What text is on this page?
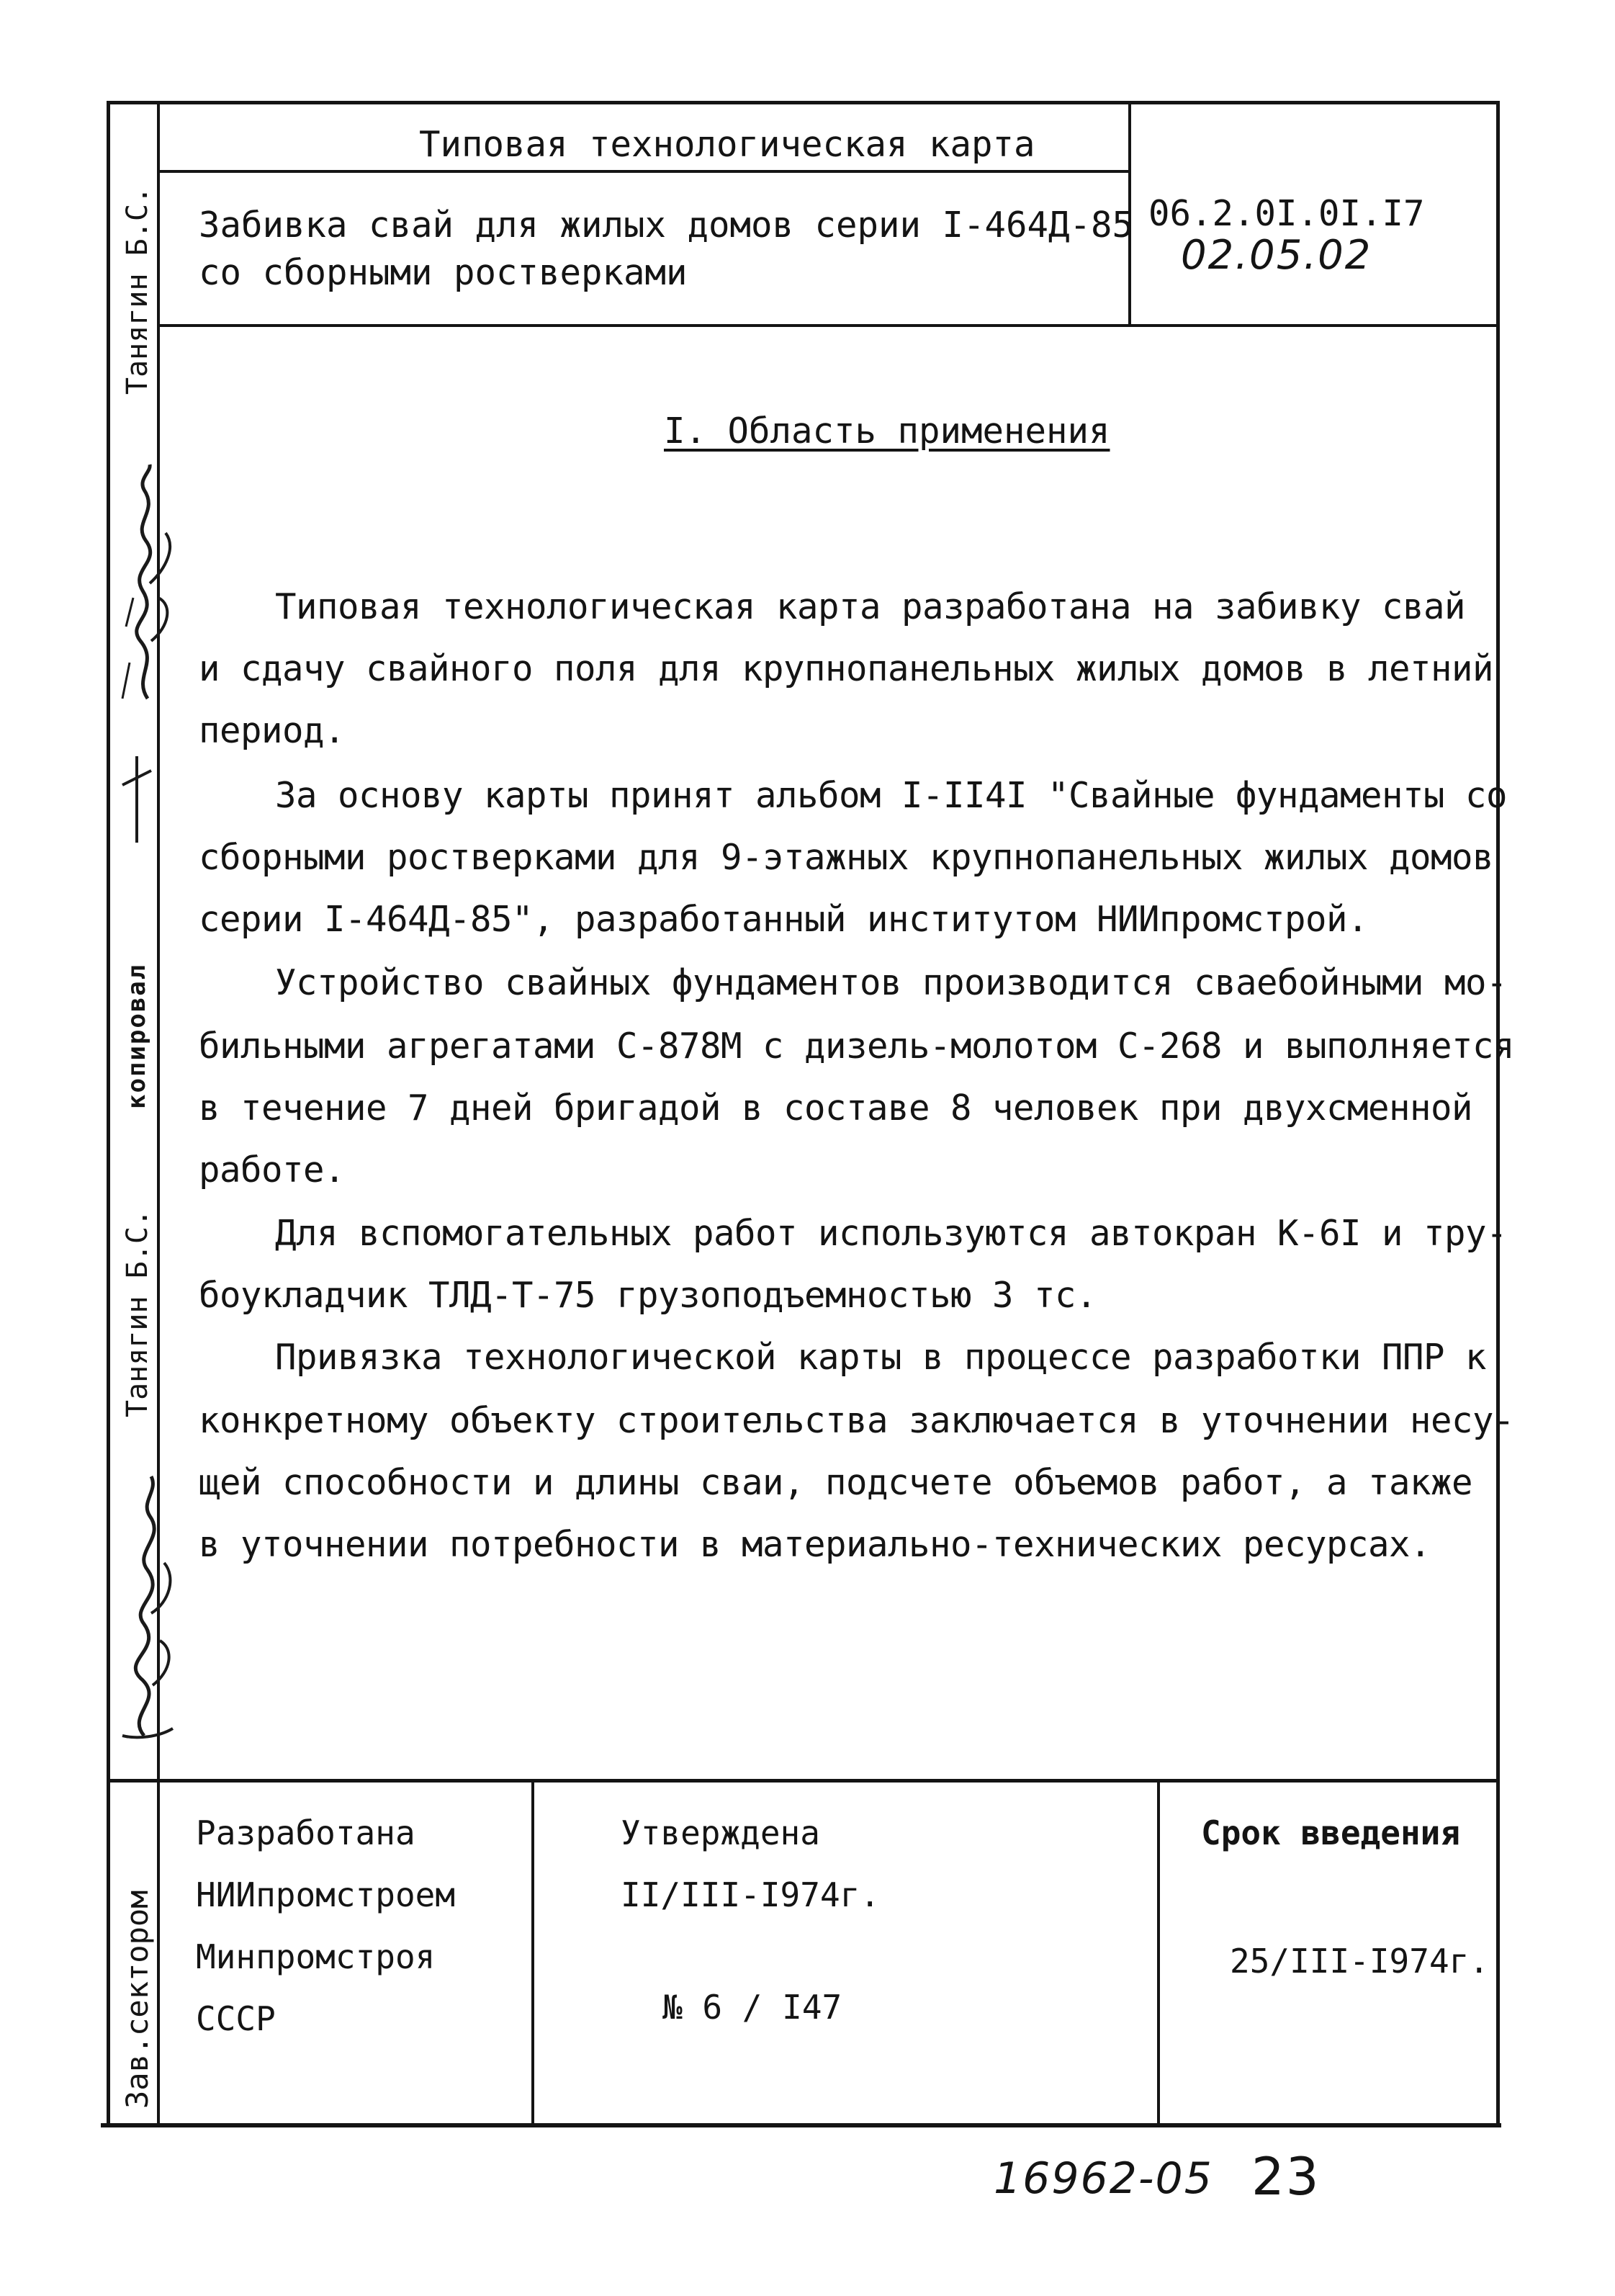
Типовая технологическая карта
Забивка свай для жилых домов серии I-464Д-85
со сборными ростверками
06.2.0I.0I.I7
02.05.02
I. Область применения
Типовая технологическая карта разработана на забивку свай
и сдачу свайного поля для крупнопанельных жилых домов в летний
период.
За основу карты принят альбом I-II4I "Свайные фундаменты со
сборными ростверками для 9-этажных крупнопанельных жилых домов
серии I-464Д-85", разработанный институтом НИИпромстрой.
Устройство свайных фундаментов производится сваебойными мо-
бильными агрегатами С-878М с дизель-молотом С-268 и выполняется
в течение 7 дней бригадой в составе 8 человек при двухсменной
работе.
Для вспомогательных работ используются автокран К-6I и тру-
боукладчик ТЛД-Т-75 грузоподъемностью 3 тс.
Привязка технологической карты в процессе разработки ППР к
конкретному объекту строительства заключается в уточнении несу-
щей способности и длины сваи, подсчете объемов работ, а также
в уточнении потребности в материально-технических ресурсах.
Разработана
НИИпромстроем
Минпромстроя
СССР
Утверждена
II/III-I974г.
№ 6 / I47
Срок введения
25/III-I974г.
Танягин Б.С.
Танягин Б.С.
копировал
Зав.сектором
16962-05 23
